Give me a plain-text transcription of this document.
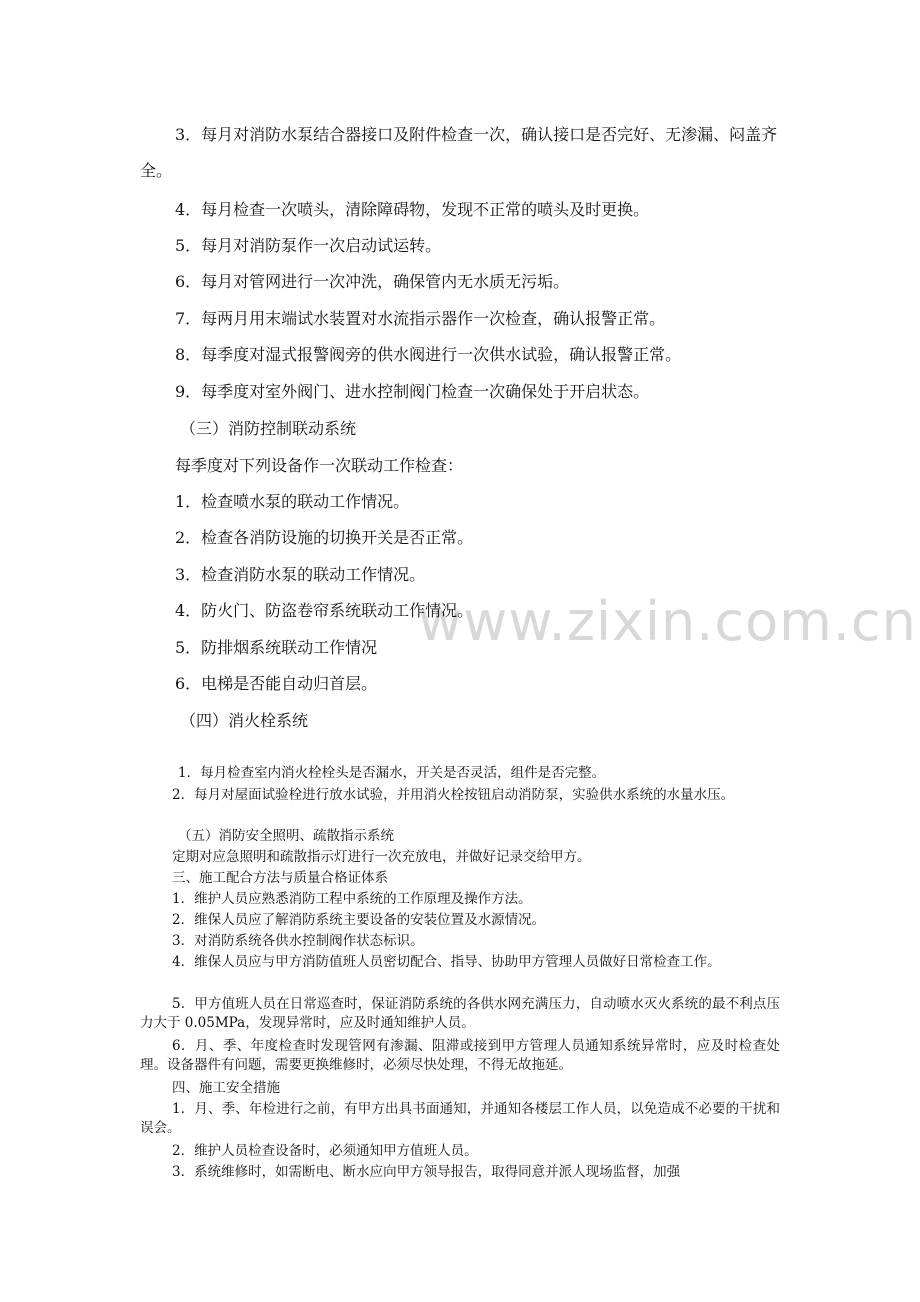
www.zixin.com.cn
3．每月对消防水泵结合器接口及附件检查一次，确认接口是否完好、无渗漏、闷盖齐全。
4．每月检查一次喷头，清除障碍物，发现不正常的喷头及时更换。
5．每月对消防泵作一次启动试运转。
6．每月对管网进行一次冲洗，确保管内无水质无污垢。
7．每两月用末端试水装置对水流指示器作一次检查，确认报警正常。
8．每季度对湿式报警阀旁的供水阀进行一次供水试验，确认报警正常。
9．每季度对室外阀门、进水控制阀门检查一次确保处于开启状态。
（三）消防控制联动系统
每季度对下列设备作一次联动工作检查：
1．检查喷水泵的联动工作情况。
2．检查各消防设施的切换开关是否正常。
3．检查消防水泵的联动工作情况。
4．防火门、防盗卷帘系统联动工作情况。
5．防排烟系统联动工作情况
6．电梯是否能自动归首层。
（四）消火栓系统
1．每月检查室内消火栓栓头是否漏水，开关是否灵活，组件是否完整。
2．每月对屋面试验栓进行放水试验，并用消火栓按钮启动消防泵，实验供水系统的水量水压。
（五）消防安全照明、疏散指示系统
定期对应急照明和疏散指示灯进行一次充放电，并做好记录交给甲方。
三、施工配合方法与质量合格证体系
1．维护人员应熟悉消防工程中系统的工作原理及操作方法。
2．维保人员应了解消防系统主要设备的安装位置及水源情况。
3．对消防系统各供水控制阀作状态标识。
4．维保人员应与甲方消防值班人员密切配合、指导、协助甲方管理人员做好日常检查工作。
5．甲方值班人员在日常巡查时，保证消防系统的各供水网充满压力，自动喷水灭火系统的最不利点压力大于 0.05MPa，发现异常时，应及时通知维护人员。
6．月、季、年度检查时发现管网有渗漏、阻滞或接到甲方管理人员通知系统异常时，应及时检查处理。设备器件有问题，需要更换维修时，必须尽快处理，不得无故拖延。
四、施工安全措施
1．月、季、年检进行之前，有甲方出具书面通知，并通知各楼层工作人员，以免造成不必要的干扰和误会。
2．维护人员检查设备时，必须通知甲方值班人员。
3．系统维修时，如需断电、断水应向甲方领导报告，取得同意并派人现场监督，加强
